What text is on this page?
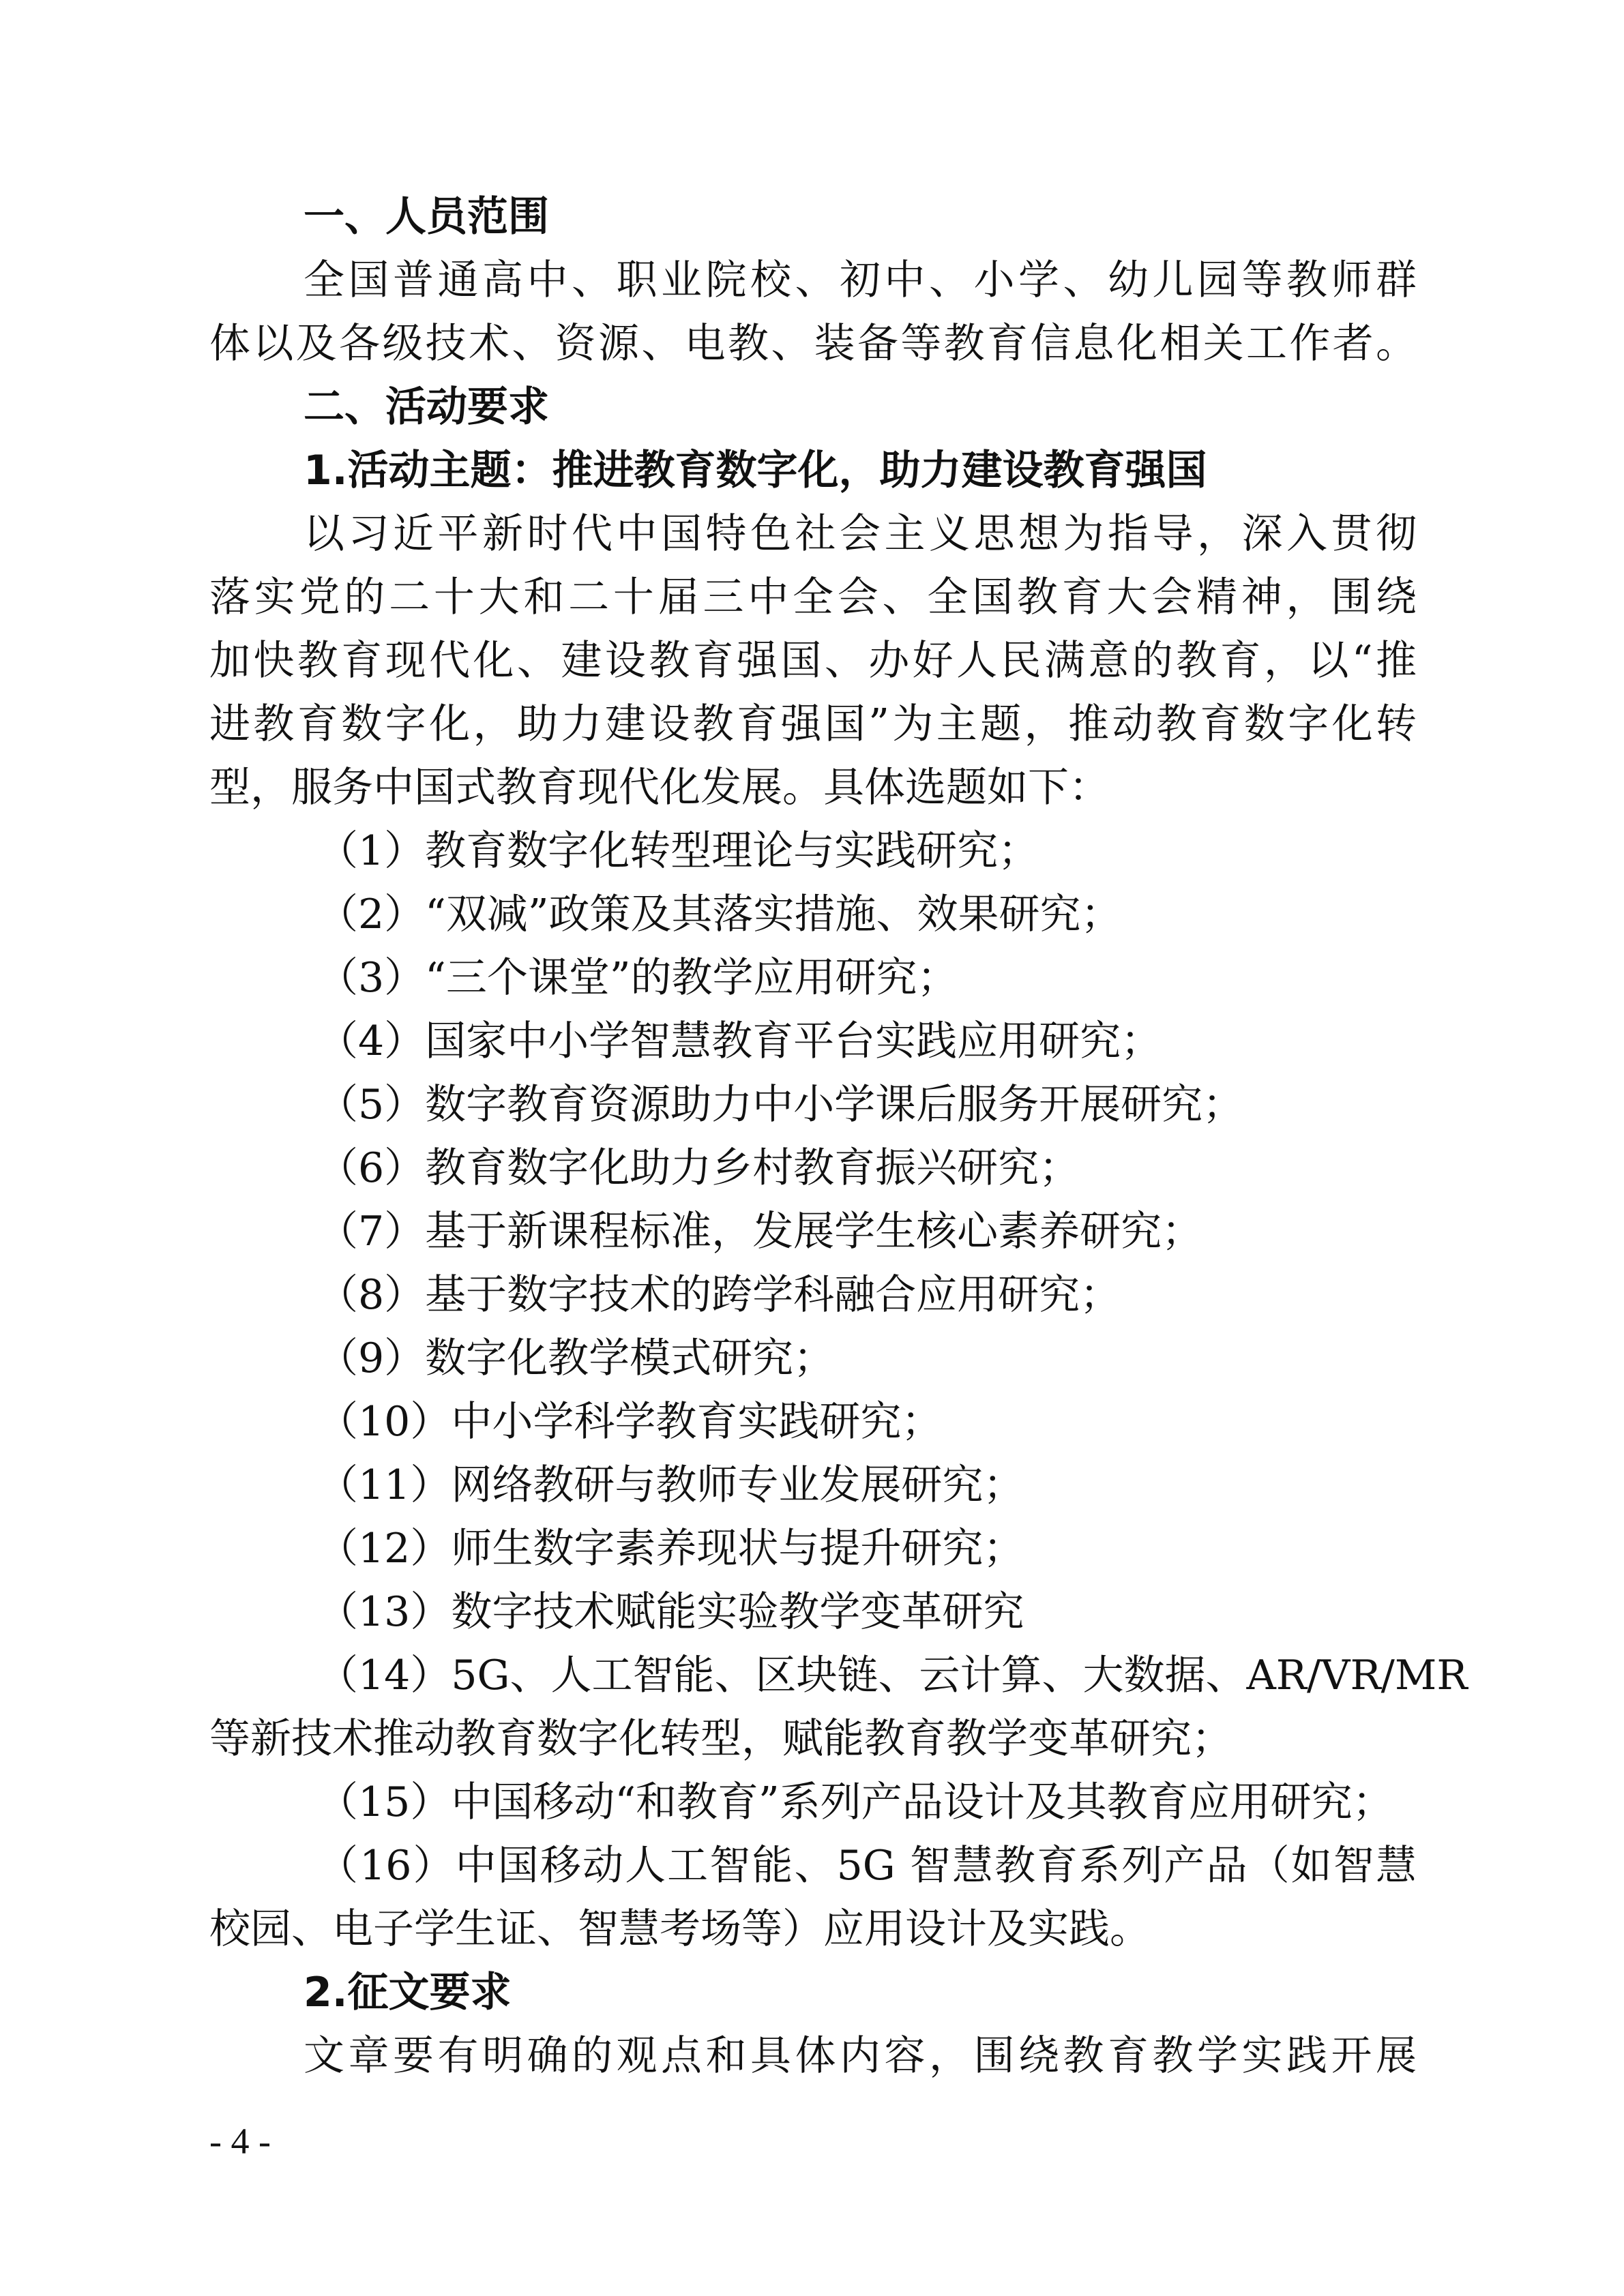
一、人员范围
全国普通高中、职业院校、初中、小学、幼儿园等教师群
体以及各级技术、资源、电教、装备等教育信息化相关工作者。
二、活动要求
1.活动主题：推进教育数字化，助力建设教育强国
以习近平新时代中国特色社会主义思想为指导，深入贯彻
落实党的二十大和二十届三中全会、全国教育大会精神，围绕
加快教育现代化、建设教育强国、办好人民满意的教育，以“推
进教育数字化，助力建设教育强国”为主题，推动教育数字化转
型，服务中国式教育现代化发展。具体选题如下：
（1）教育数字化转型理论与实践研究；
（2）“双减”政策及其落实措施、效果研究；
（3）“三个课堂”的教学应用研究；
（4）国家中小学智慧教育平台实践应用研究；
（5）数字教育资源助力中小学课后服务开展研究；
（6）教育数字化助力乡村教育振兴研究；
（7）基于新课程标准，发展学生核心素养研究；
（8）基于数字技术的跨学科融合应用研究；
（9）数字化教学模式研究；
（10）中小学科学教育实践研究；
（11）网络教研与教师专业发展研究；
（12）师生数字素养现状与提升研究；
（13）数字技术赋能实验教学变革研究
（14）5G、人工智能、区块链、云计算、大数据、AR/VR/MR
等新技术推动教育数字化转型，赋能教育教学变革研究；
（15）中国移动“和教育”系列产品设计及其教育应用研究；
（16）中国移动人工智能、5G 智慧教育系列产品（如智慧
校园、电子学生证、智慧考场等）应用设计及实践。
2.征文要求
文章要有明确的观点和具体内容，围绕教育教学实践开展
- 4 -
